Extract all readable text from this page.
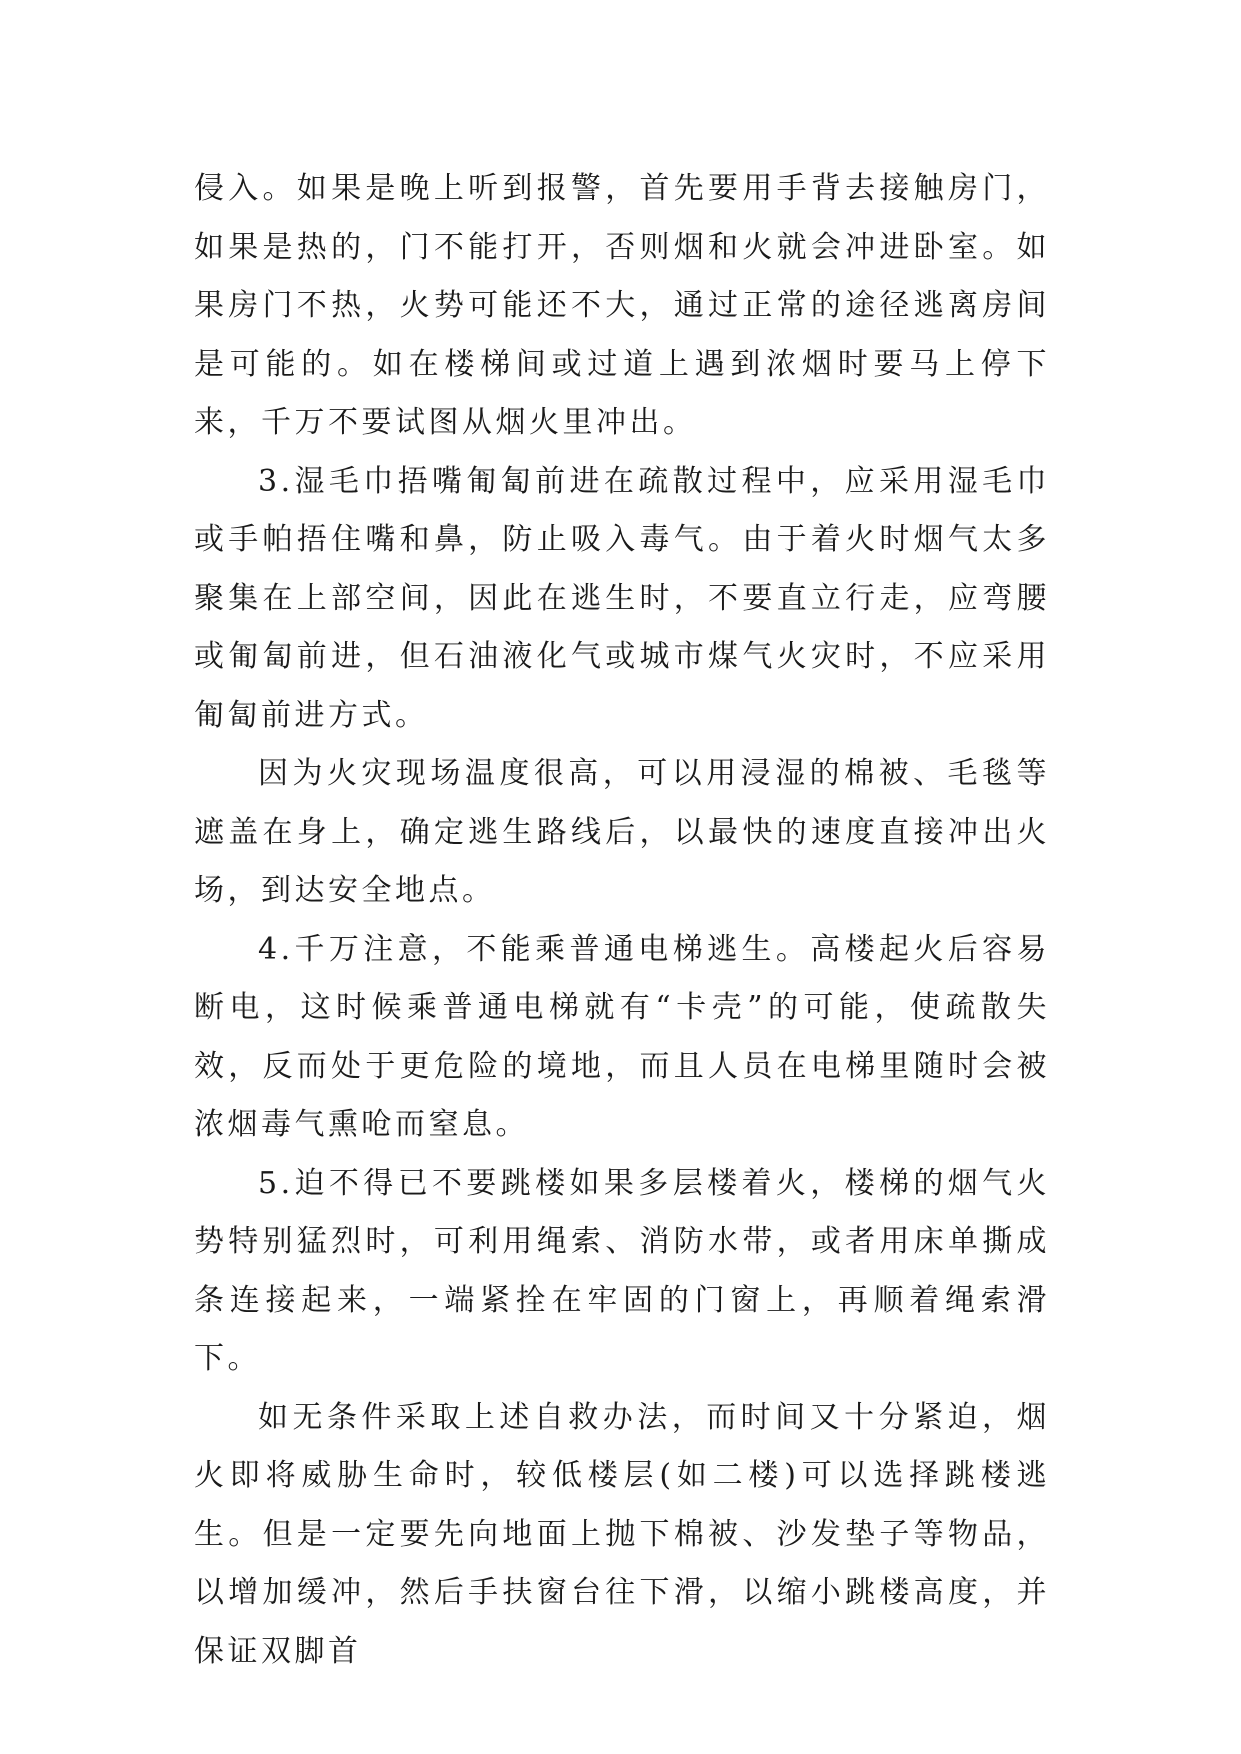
侵入。如果是晚上听到报警，首先要用手背去接触房门，如果是热的，门不能打开，否则烟和火就会冲进卧室。如果房门不热，火势可能还不大，通过正常的途径逃离房间是可能的。如在楼梯间或过道上遇到浓烟时要马上停下来，千万不要试图从烟火里冲出。

3.湿毛巾捂嘴匍匐前进在疏散过程中，应采用湿毛巾或手帕捂住嘴和鼻，防止吸入毒气。由于着火时烟气太多聚集在上部空间，因此在逃生时，不要直立行走，应弯腰或匍匐前进，但石油液化气或城市煤气火灾时，不应采用匍匐前进方式。

因为火灾现场温度很高，可以用浸湿的棉被、毛毯等遮盖在身上，确定逃生路线后，以最快的速度直接冲出火场，到达安全地点。

4.千万注意，不能乘普通电梯逃生。高楼起火后容易断电，这时候乘普通电梯就有“卡壳”的可能，使疏散失效，反而处于更危险的境地，而且人员在电梯里随时会被浓烟毒气熏呛而窒息。

5.迫不得已不要跳楼如果多层楼着火，楼梯的烟气火势特别猛烈时，可利用绳索、消防水带，或者用床单撕成条连接起来，一端紧拴在牢固的门窗上，再顺着绳索滑下。

如无条件采取上述自救办法，而时间又十分紧迫，烟火即将威胁生命时，较低楼层(如二楼)可以选择跳楼逃生。但是一定要先向地面上抛下棉被、沙发垫子等物品，以增加缓冲，然后手扶窗台往下滑，以缩小跳楼高度，并保证双脚首
